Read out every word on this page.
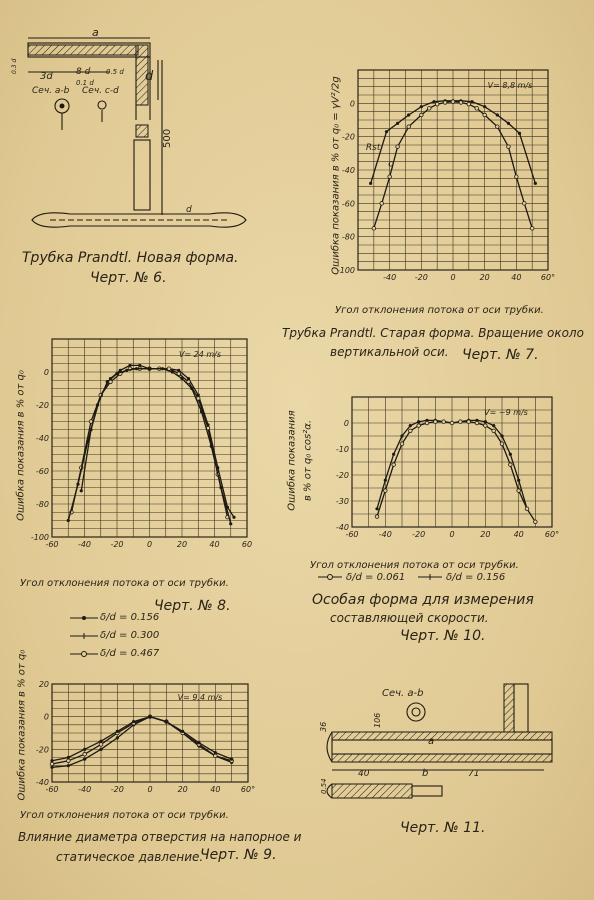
d
a
3d	8 d 0.5 d
0.1 d
0.3 d
Сеч. a-b Сеч. c-d
500
d
Трубка Prandtl. Новая форма.
Черт. № 6.	-40 -20	0	20	40 60°
0
-20
-40
-60
-80
-100
V= 8,8 m/s
Rst
q
Ошибка показания в % от q₀ = γV²/2g
Угол отклонения потока от оси трубки.
Трубка Prandtl. Старая форма. Вращение около
вертикальной оси. Черт. № 7.
-60 -40 -20	0	20	40	60
0
-20
-40
-60
-80
-100
V= 24 m/s
Ошибка показания в % от q₀
Угол отклонения потока от оси трубки.
Черт. № 8.
δ/d = 0.156
δ/d = 0.300
δ/d = 0.467
-60	-40	-20	0	20	40	60°
0
-10
-20
-30
-40
V= ~9 m/s
Ошибка показания в % от q₀ cos²α.
Угол отклонения потока от оси трубки.
δ/d = 0.061	δ/d = 0.156
Особая форма для измерения
составляющей скорости.
Черт. № 10.
-60 -40 -20	0	20	40	60°
20
0
-20
-40
V= 9,4 m/s
Ошибка показания в % от q₀
Угол отклонения потока от оси трубки.
Влияние диаметра отверстия на напорное и
статическое давление.
Черт. № 9.
Сеч. a-b
36	106
a
b
40	71
0.54
Черт. № 11.
